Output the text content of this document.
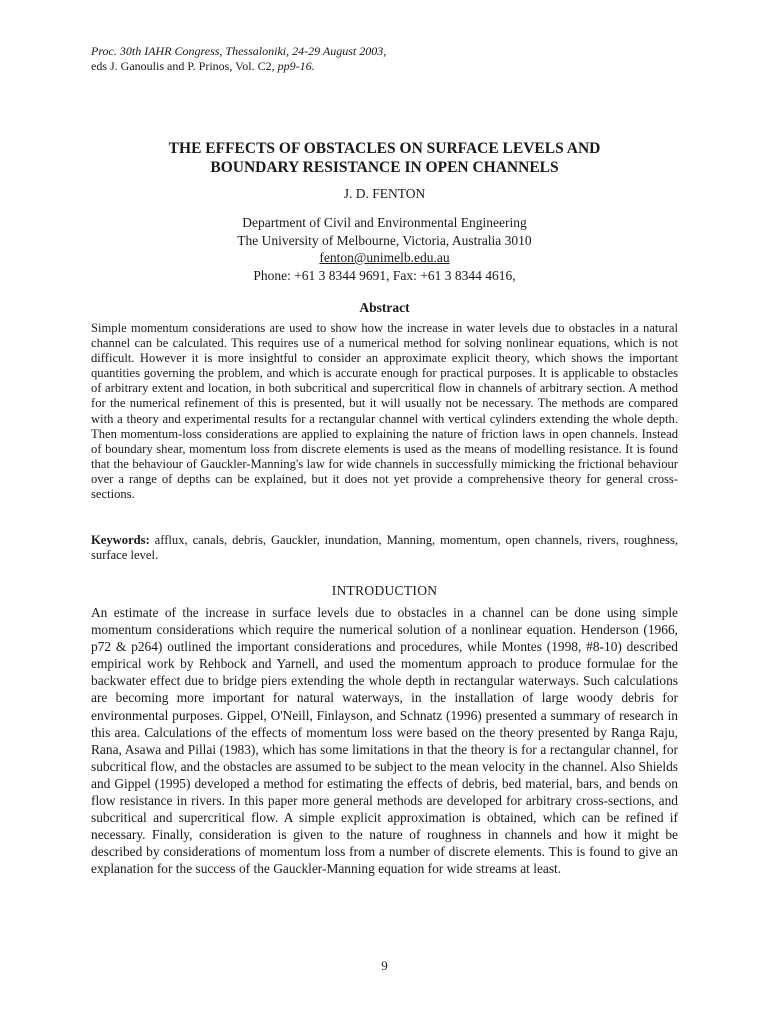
Proc. 30th IAHR Congress, Thessaloniki, 24-29 August 2003,
eds J. Ganoulis and P. Prinos, Vol. C2, pp9-16.
THE EFFECTS OF OBSTACLES ON SURFACE LEVELS AND
BOUNDARY RESISTANCE IN OPEN CHANNELS
J. D. FENTON
Department of Civil and Environmental Engineering
The University of Melbourne, Victoria, Australia 3010
fenton@unimelb.edu.au
Phone: +61 3 8344 9691, Fax: +61 3 8344 4616,
Abstract

Simple momentum considerations are used to show how the increase in water levels due to obstacles in a natural channel can be calculated. This requires use of a numerical method for solving nonlinear equations, which is not difficult. However it is more insightful to consider an approximate explicit theory, which shows the important quantities governing the problem, and which is accurate enough for practical purposes. It is applicable to obstacles of arbitrary extent and location, in both subcritical and supercritical flow in channels of arbitrary section. A method for the numerical refinement of this is presented, but it will usually not be necessary. The methods are compared with a theory and experimental results for a rectangular channel with vertical cylinders extending the whole depth. Then momentum-loss considerations are applied to explaining the nature of friction laws in open channels. Instead of boundary shear, momentum loss from discrete elements is used as the means of modelling resistance. It is found that the behaviour of Gauckler-Manning's law for wide channels in successfully mimicking the frictional behaviour over a range of depths can be explained, but it does not yet provide a comprehensive theory for general cross-sections.

Keywords: afflux, canals, debris, Gauckler, inundation, Manning, momentum, open channels, rivers, roughness, surface level.

INTRODUCTION

An estimate of the increase in surface levels due to obstacles in a channel can be done using simple momentum considerations which require the numerical solution of a nonlinear equation. Henderson (1966, p72 & p264) outlined the important considerations and procedures, while Montes (1998, #8-10) described empirical work by Rehbock and Yarnell, and used the momentum approach to produce formulae for the backwater effect due to bridge piers extending the whole depth in rectangular waterways. Such calculations are becoming more important for natural waterways, in the installation of large woody debris for environmental purposes. Gippel, O'Neill, Finlayson, and Schnatz (1996) presented a summary of research in this area. Calculations of the effects of momentum loss were based on the theory presented by Ranga Raju, Rana, Asawa and Pillai (1983), which has some limitations in that the theory is for a rectangular channel, for subcritical flow, and the obstacles are assumed to be subject to the mean velocity in the channel. Also Shields and Gippel (1995) developed a method for estimating the effects of debris, bed material, bars, and bends on flow resistance in rivers. In this paper more general methods are developed for arbitrary cross-sections, and subcritical and supercritical flow. A simple explicit approximation is obtained, which can be refined if necessary. Finally, consideration is given to the nature of roughness in channels and how it might be described by considerations of momentum loss from a number of discrete elements. This is found to give an explanation for the success of the Gauckler-Manning equation for wide streams at least.

9
